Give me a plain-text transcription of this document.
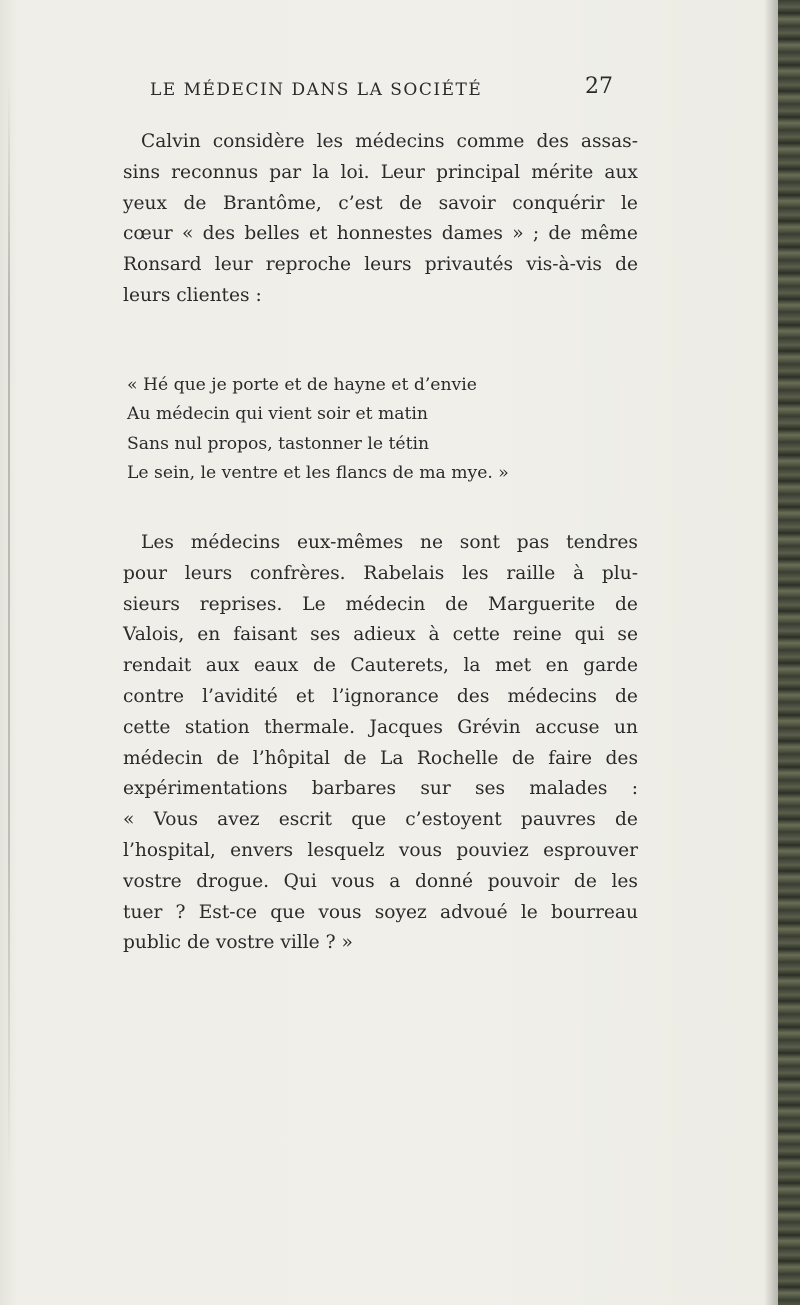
LE MÉDECIN DANS LA SOCIÉTÉ	27
Calvin considère les médecins comme des assas-
sins reconnus par la loi. Leur principal mérite aux
yeux de Brantôme, c’est de savoir conquérir le
cœur « des belles et honnestes dames » ; de même
Ronsard leur reproche leurs privautés vis-à-vis de
leurs clientes :
« Hé que je porte et de hayne et d’envie
Au médecin qui vient soir et matin
Sans nul propos, tastonner le tétin
Le sein, le ventre et les flancs de ma mye. »
Les médecins eux-mêmes ne sont pas tendres
pour leurs confrères. Rabelais les raille à plu-
sieurs reprises. Le médecin de Marguerite de
Valois, en faisant ses adieux à cette reine qui se
rendait aux eaux de Cauterets, la met en garde
contre l’avidité et l’ignorance des médecins de
cette station thermale. Jacques Grévin accuse un
médecin de l’hôpital de La Rochelle de faire des
expérimentations barbares sur ses malades :
« Vous avez escrit que c’estoyent pauvres de
l’hospital, envers lesquelz vous pouviez esprouver
vostre drogue. Qui vous a donné pouvoir de les
tuer ? Est-ce que vous soyez advoué le bourreau
public de vostre ville ? »
